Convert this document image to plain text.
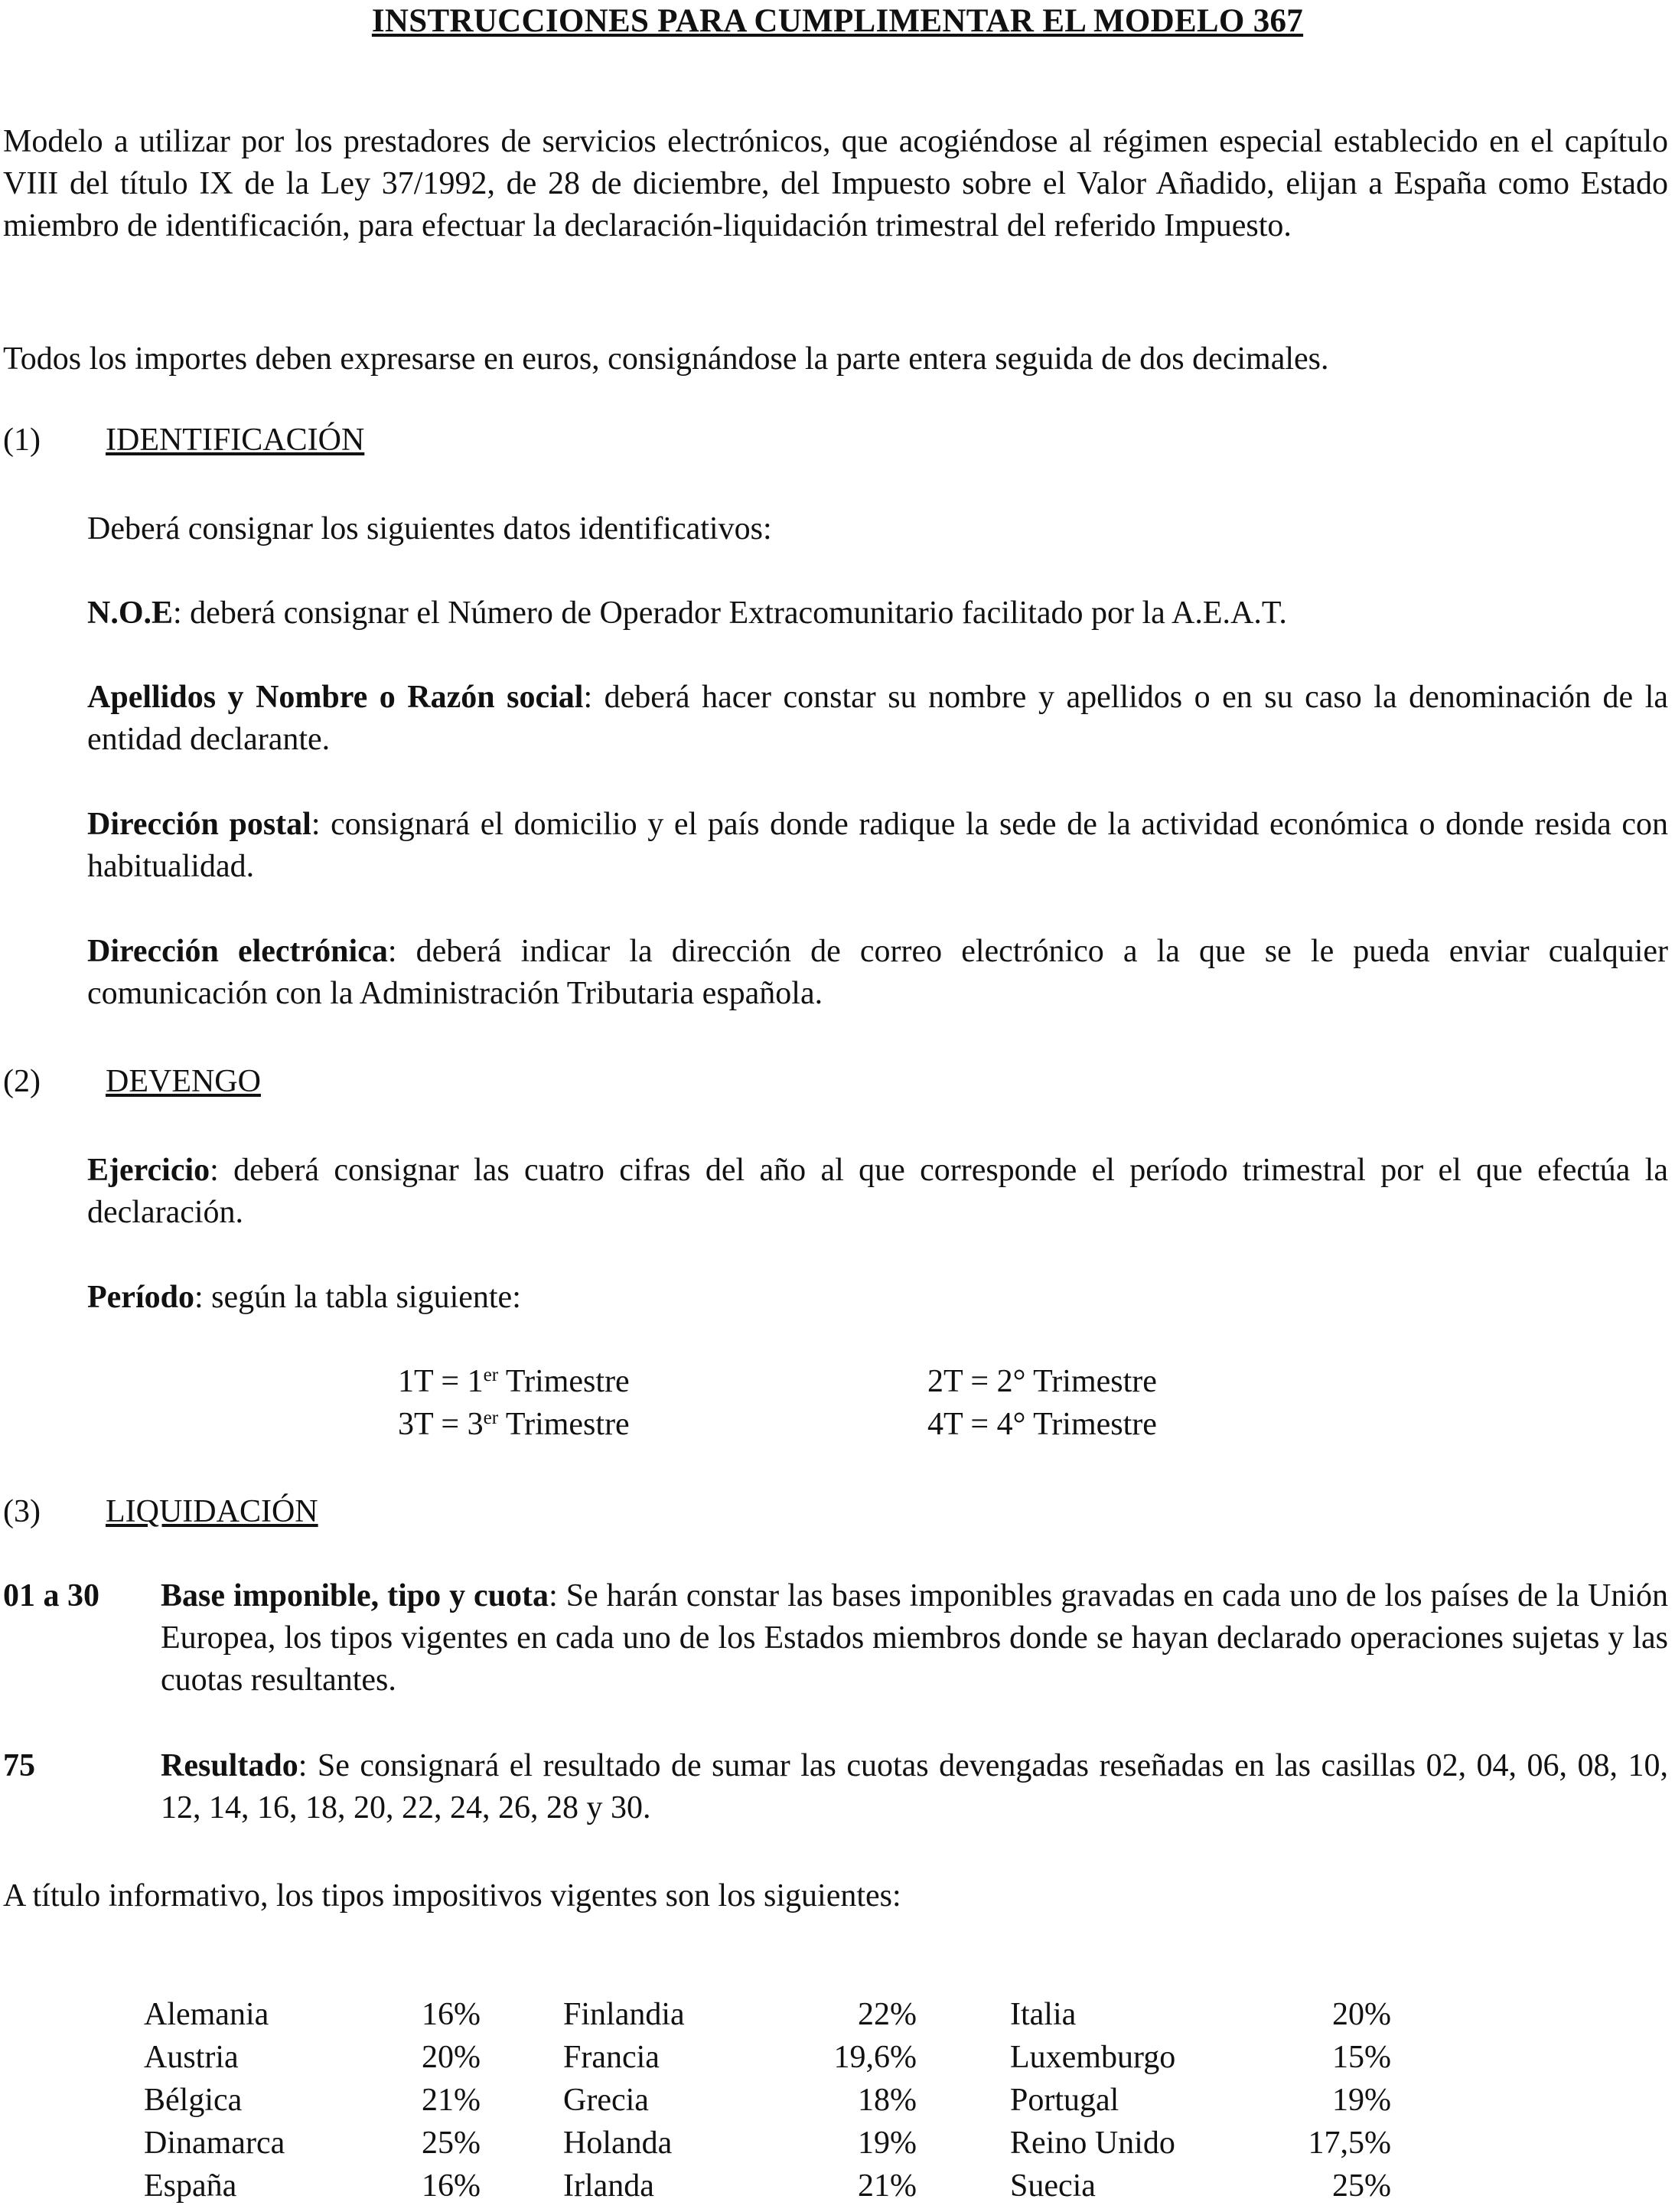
INSTRUCCIONES PARA CUMPLIMENTAR EL MODELO 367
Modelo a utilizar por los prestadores de servicios electrónicos, que acogiéndose al régimen especial establecido en el capítulo VIII del título IX de la Ley 37/1992, de 28 de diciembre, del Impuesto sobre el Valor Añadido, elijan a España como Estado miembro de identificación, para efectuar la declaración-liquidación trimestral del referido Impuesto.
Todos los importes deben expresarse en euros, consignándose la parte entera seguida de dos decimales.
(1) IDENTIFICACIÓN
Deberá consignar los siguientes datos identificativos:
N.O.E: deberá consignar el Número de Operador Extracomunitario facilitado por la A.E.A.T.
Apellidos y Nombre o Razón social: deberá hacer constar su nombre y apellidos o en su caso la denominación de la entidad declarante.
Dirección postal: consignará el domicilio y el país donde radique la sede de la actividad económica o donde resida con habitualidad.
Dirección electrónica: deberá indicar la dirección de correo electrónico a la que se le pueda enviar cualquier comunicación con la Administración Tributaria española.
(2) DEVENGO
Ejercicio: deberá consignar las cuatro cifras del año al que corresponde el período trimestral por el que efectúa la declaración.
Período: según la tabla siguiente:
1T = 1er Trimestre	2T = 2° Trimestre
3T = 3er Trimestre	4T = 4° Trimestre
(3) LIQUIDACIÓN
01 a 30 Base imponible, tipo y cuota: Se harán constar las bases imponibles gravadas en cada uno de los países de la Unión Europea, los tipos vigentes en cada uno de los Estados miembros donde se hayan declarado operaciones sujetas y las cuotas resultantes.
75	Resultado: Se consignará el resultado de sumar las cuotas devengadas reseñadas en las casillas 02, 04, 06, 08, 10, 12, 14, 16, 18, 20, 22, 24, 26, 28 y 30.
A título informativo, los tipos impositivos vigentes son los siguientes:
Alemania	16%	Finlandia	22%	Italia	20%
Austria	20%	Francia	19,6%	Luxemburgo	15%
Bélgica	21%	Grecia	18%	Portugal	19%
Dinamarca	25%	Holanda	19%	Reino Unido	17,5%
España	16%	Irlanda	21%	Suecia	25%
